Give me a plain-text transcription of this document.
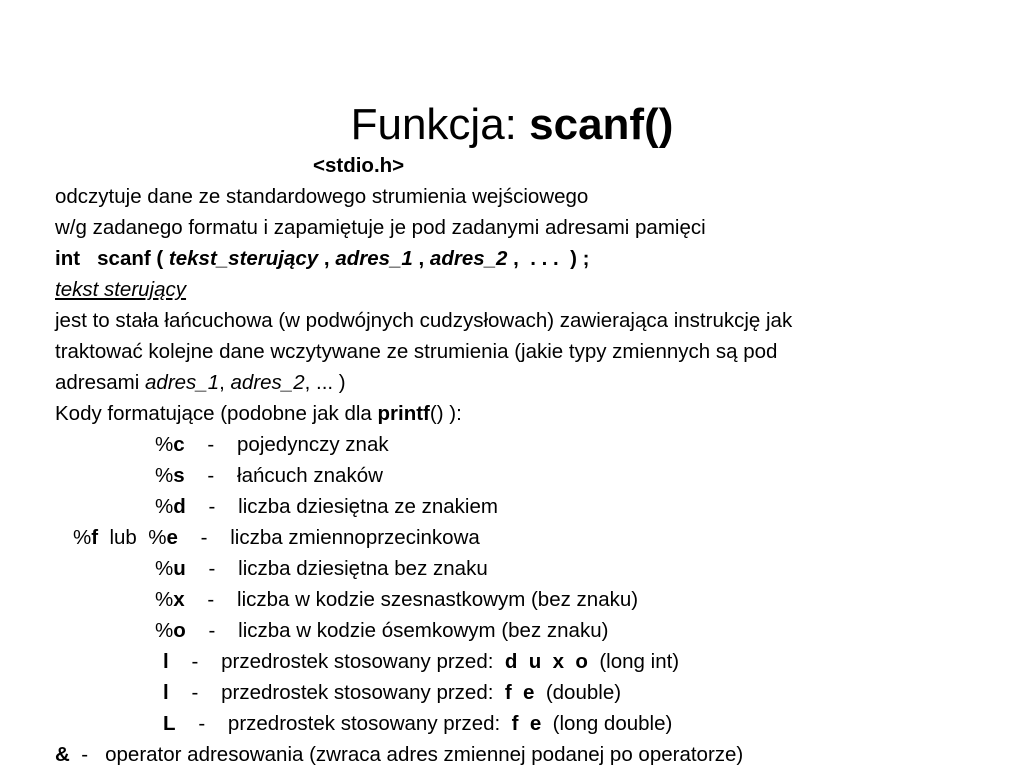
Funkcja: scanf()
<stdio.h>
odczytuje dane ze standardowego strumienia wejściowego
w/g zadanego formatu i zapamiętuje je pod zadanymi adresami pamięci
int scanf ( tekst_sterujący , adres_1 , adres_2 ,  . . .  ) ;
tekst sterujący
jest to stała łańcuchowa (w podwójnych cudzysłowach) zawierająca instrukcję jak
traktować kolejne dane wczytywane ze strumienia (jakie typy zmiennych są pod
adresami adres_1, adres_2, ... )
Kody formatujące (podobne jak dla printf() ):
%c    -    pojedynczy znak
%s    -    łańcuch znaków
%d    -    liczba dziesiętna ze znakiem
%f  lub  %e    -    liczba zmiennoprzecinkowa
%u    -    liczba dziesiętna bez znaku
%x    -    liczba w kodzie szesnastkowym (bez znaku)
%o    -    liczba w kodzie ósemkowym (bez znaku)
l    -    przedrostek stosowany przed:  d  u  x  o  (long int)
l    -    przedrostek stosowany przed:  f  e  (double)
L    -    przedrostek stosowany przed:  f  e  (long double)
&  -   operator adresowania (zwraca adres zmiennej podanej po operatorze)
